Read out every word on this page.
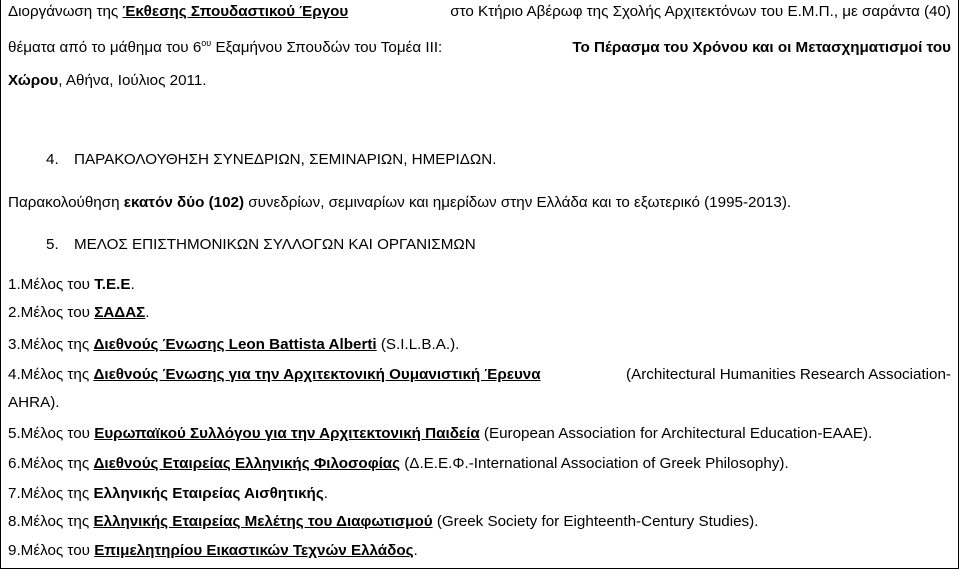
Διοργάνωση της Έκθεσης Σπουδαστικού Έργου	στο Κτήριο Αβέρωφ της Σχολής Αρχιτεκτόνων του Ε.Μ.Π., με σαράντα (40)
θέματα από το μάθημα του $6^{o\upsilon}$ Εξαμήνου Σπουδών του Τομέα ΙΙΙ:	Το Πέρασμα του Χρόνου και οι Μετασχηματισμοί του
Χώρου, Αθήνα, Ιούλιος 2011.
4. ΠΑΡΑΚΟΛΟΥΘΗΣΗ ΣΥΝΕΔΡΙΩΝ, ΣΕΜΙΝΑΡΙΩΝ, ΗΜΕΡΙΔΩΝ.
Παρακολούθηση εκατόν δύο (102) συνεδρίων, σεμιναρίων και ημερίδων στην Ελλάδα και το εξωτερικό (1995-2013).
5. ΜΕΛΟΣ ΕΠΙΣΤΗΜΟΝΙΚΩΝ ΣΥΛΛΟΓΩΝ ΚΑΙ ΟΡΓΑΝΙΣΜΩΝ
1.Μέλος του Τ.Ε.Ε.
2.Μέλος του ΣΑΔΑΣ.
3.Μέλος της Διεθνούς Ένωσης Leon Battista Alberti (S.I.L.B.A.).
4.Μέλος της Διεθνούς Ένωσης για την Αρχιτεκτονική Ουμανιστική Έρευνα	(Architectural Humanities Research Association-
AHRA).
5.Μέλος του Ευρωπαϊκού Συλλόγου για την Αρχιτεκτονική Παιδεία (European Association for Architectural Education-EAAE).
6.Μέλος της Διεθνούς Εταιρείας Ελληνικής Φιλοσοφίας (Δ.Ε.Ε.Φ.-International Association of Greek Philosophy).
7.Μέλος της Ελληνικής Εταιρείας Αισθητικής.
8.Μέλος της Ελληνικής Εταιρείας Μελέτης του Διαφωτισμού (Greek Society for Eighteenth-Century Studies).
9.Μέλος του Επιμελητηρίου Εικαστικών Τεχνών Ελλάδος.
